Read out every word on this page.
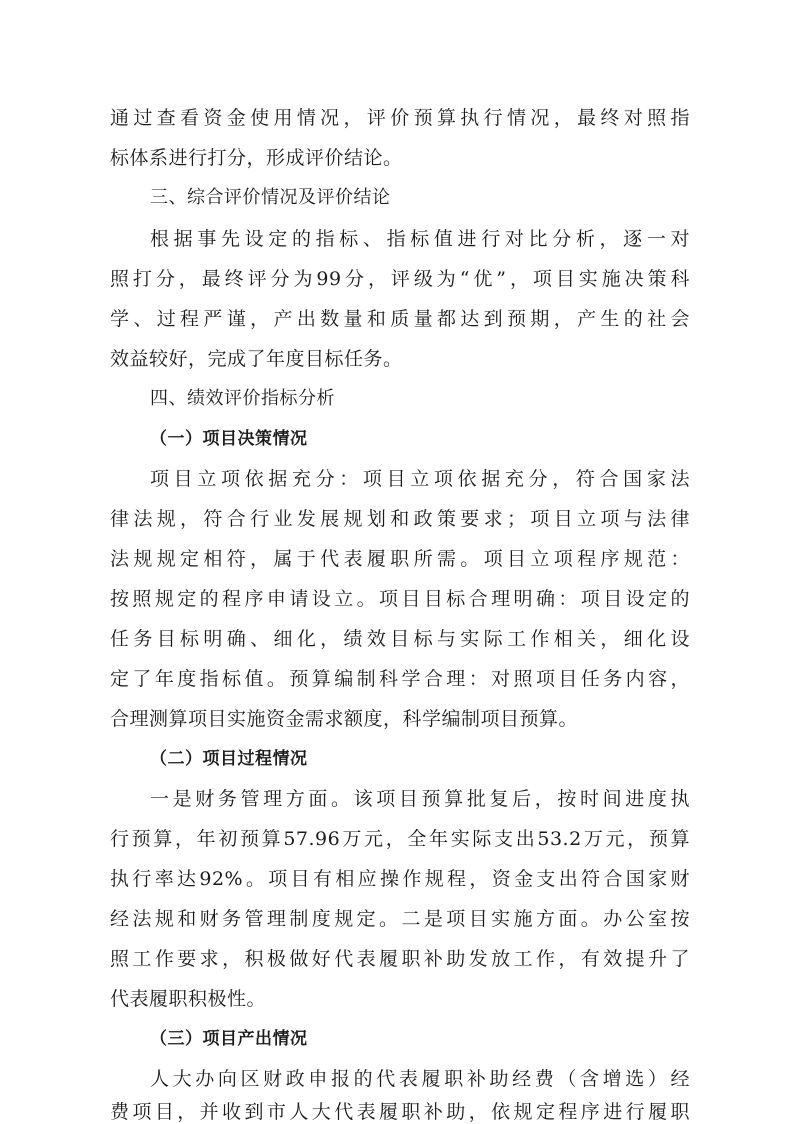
通过查看资金使用情况，评价预算执行情况，最终对照指
标体系进行打分，形成评价结论。
三、综合评价情况及评价结论
根据事先设定的指标、指标值进行对比分析，逐一对
照打分，最终评分为99分，评级为“优”，项目实施决策科
学、过程严谨，产出数量和质量都达到预期，产生的社会
效益较好，完成了年度目标任务。
四、绩效评价指标分析
（一）项目决策情况
项目立项依据充分：项目立项依据充分，符合国家法
律法规，符合行业发展规划和政策要求；项目立项与法律
法规规定相符，属于代表履职所需。项目立项程序规范：
按照规定的程序申请设立。项目目标合理明确：项目设定的
任务目标明确、细化，绩效目标与实际工作相关，细化设
定了年度指标值。预算编制科学合理：对照项目任务内容，
合理测算项目实施资金需求额度，科学编制项目预算。
（二）项目过程情况
一是财务管理方面。该项目预算批复后，按时间进度执
行预算，年初预算57.96万元，全年实际支出53.2万元，预算
执行率达92%。项目有相应操作规程，资金支出符合国家财
经法规和财务管理制度规定。二是项目实施方面。办公室按
照工作要求，积极做好代表履职补助发放工作，有效提升了
代表履职积极性。
（三）项目产出情况
人大办向区财政申报的代表履职补助经费（含增选）经
费项目，并收到市人大代表履职补助，依规定程序进行履职
